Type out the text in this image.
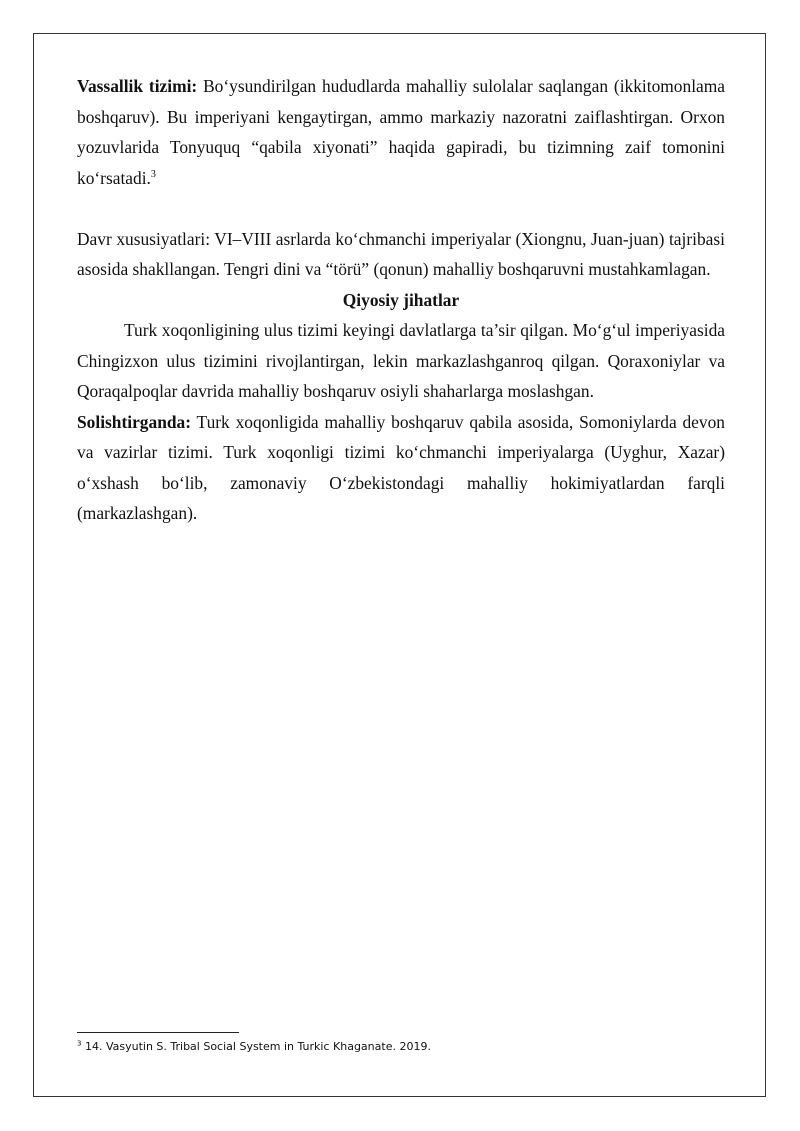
Vassallik tizimi: Bo‘ysundirilgan hududlarda mahalliy sulolalar saqlangan (ikkitomonlama boshqaruv). Bu imperiyani kengaytirgan, ammo markaziy nazoratni zaiflashtirgan. Orxon yozuvlarida Tonyuquq “qabila xiyonati” haqida gapiradi, bu tizimning zaif tomonini ko‘rsatadi.$^3$

Davr xususiyatlari: VI–VIII asrlarda ko‘chmanchi imperiyalar (Xiongnu, Juan-juan) tajribasi asosida shakllangan. Tengri dini va “törü” (qonun) mahalliy boshqaruvni mustahkamlagan.

Qiyosiy jihatlar

Turk xoqonligining ulus tizimi keyingi davlatlarga ta’sir qilgan. Mo‘g‘ul imperiyasida Chingizxon ulus tizimini rivojlantirgan, lekin markazlashganroq qilgan. Qoraxoniylar va Qoraqalpoqlar davrida mahalliy boshqaruv osiyli shaharlarga moslashgan.

Solishtirganda: Turk xoqonligida mahalliy boshqaruv qabila asosida, Somoniylarda devon va vazirlar tizimi. Turk xoqonligi tizimi ko‘chmanchi imperiyalarga (Uyghur, Xazar) o‘xshash bo‘lib, zamonaviy O‘zbekistondagi mahalliy hokimiyatlardan farqli (markazlashgan).

$^3$ 14. Vasyutin S. Tribal Social System in Turkic Khaganate. 2019.
